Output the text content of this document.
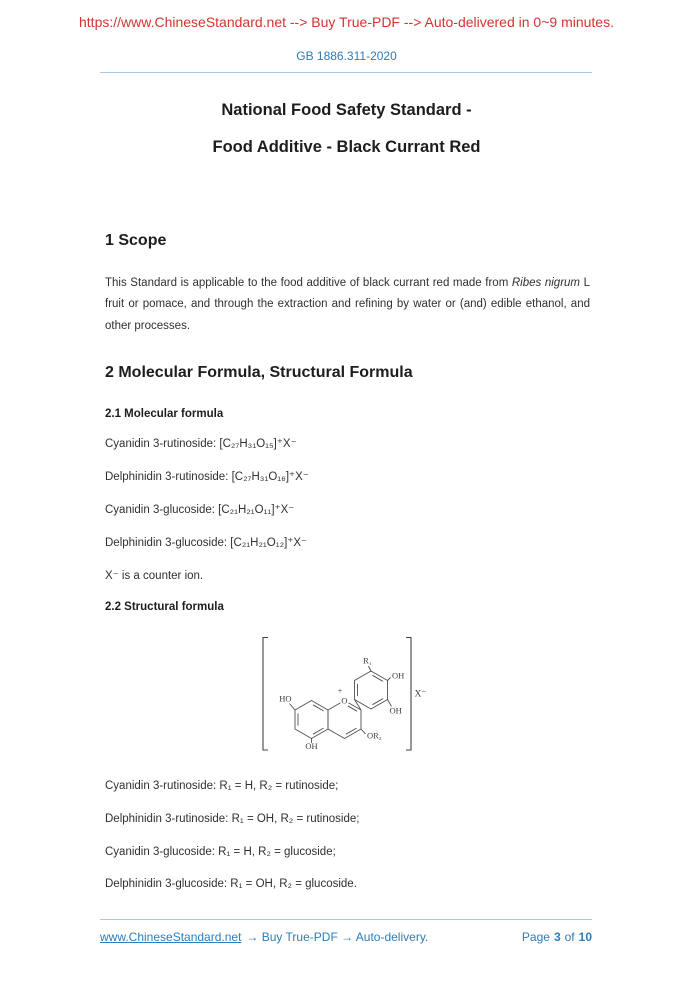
https://www.ChineseStandard.net --> Buy True-PDF --> Auto-delivered in 0~9 minutes.
GB 1886.311-2020
National Food Safety Standard -
Food Additive - Black Currant Red
1 Scope

This Standard is applicable to the food additive of black currant red made from Ribes nigrum L fruit or pomace, and through the extraction and refining by water or (and) edible ethanol, and other processes.

2 Molecular Formula, Structural Formula
2.1 Molecular formula

Cyanidin 3-rutinoside: [C₂₇H₃₁O₁₅]⁺X⁻

Delphinidin 3-rutinoside: [C₂₇H₃₁O₁₆]⁺X⁻

Cyanidin 3-glucoside: [C₂₁H₂₁O₁₁]⁺X⁻

Delphinidin 3-glucoside: [C₂₁H₂₁O₁₂]⁺X⁻

X⁻ is a counter ion.

2.2 Structural formula
HO
OH
O
+
R₁
OH
OH
OR₂
X⁻

Cyanidin 3-rutinoside: R₁ = H, R₂ = rutinoside;

Delphinidin 3-rutinoside: R₁ = OH, R₂ = rutinoside;

Cyanidin 3-glucoside: R₁ = H, R₂ = glucoside;

Delphinidin 3-glucoside: R₁ = OH, R₂ = glucoside.

www.ChineseStandard.net → Buy True-PDF → Auto-delivery.	Page 3 of 10
